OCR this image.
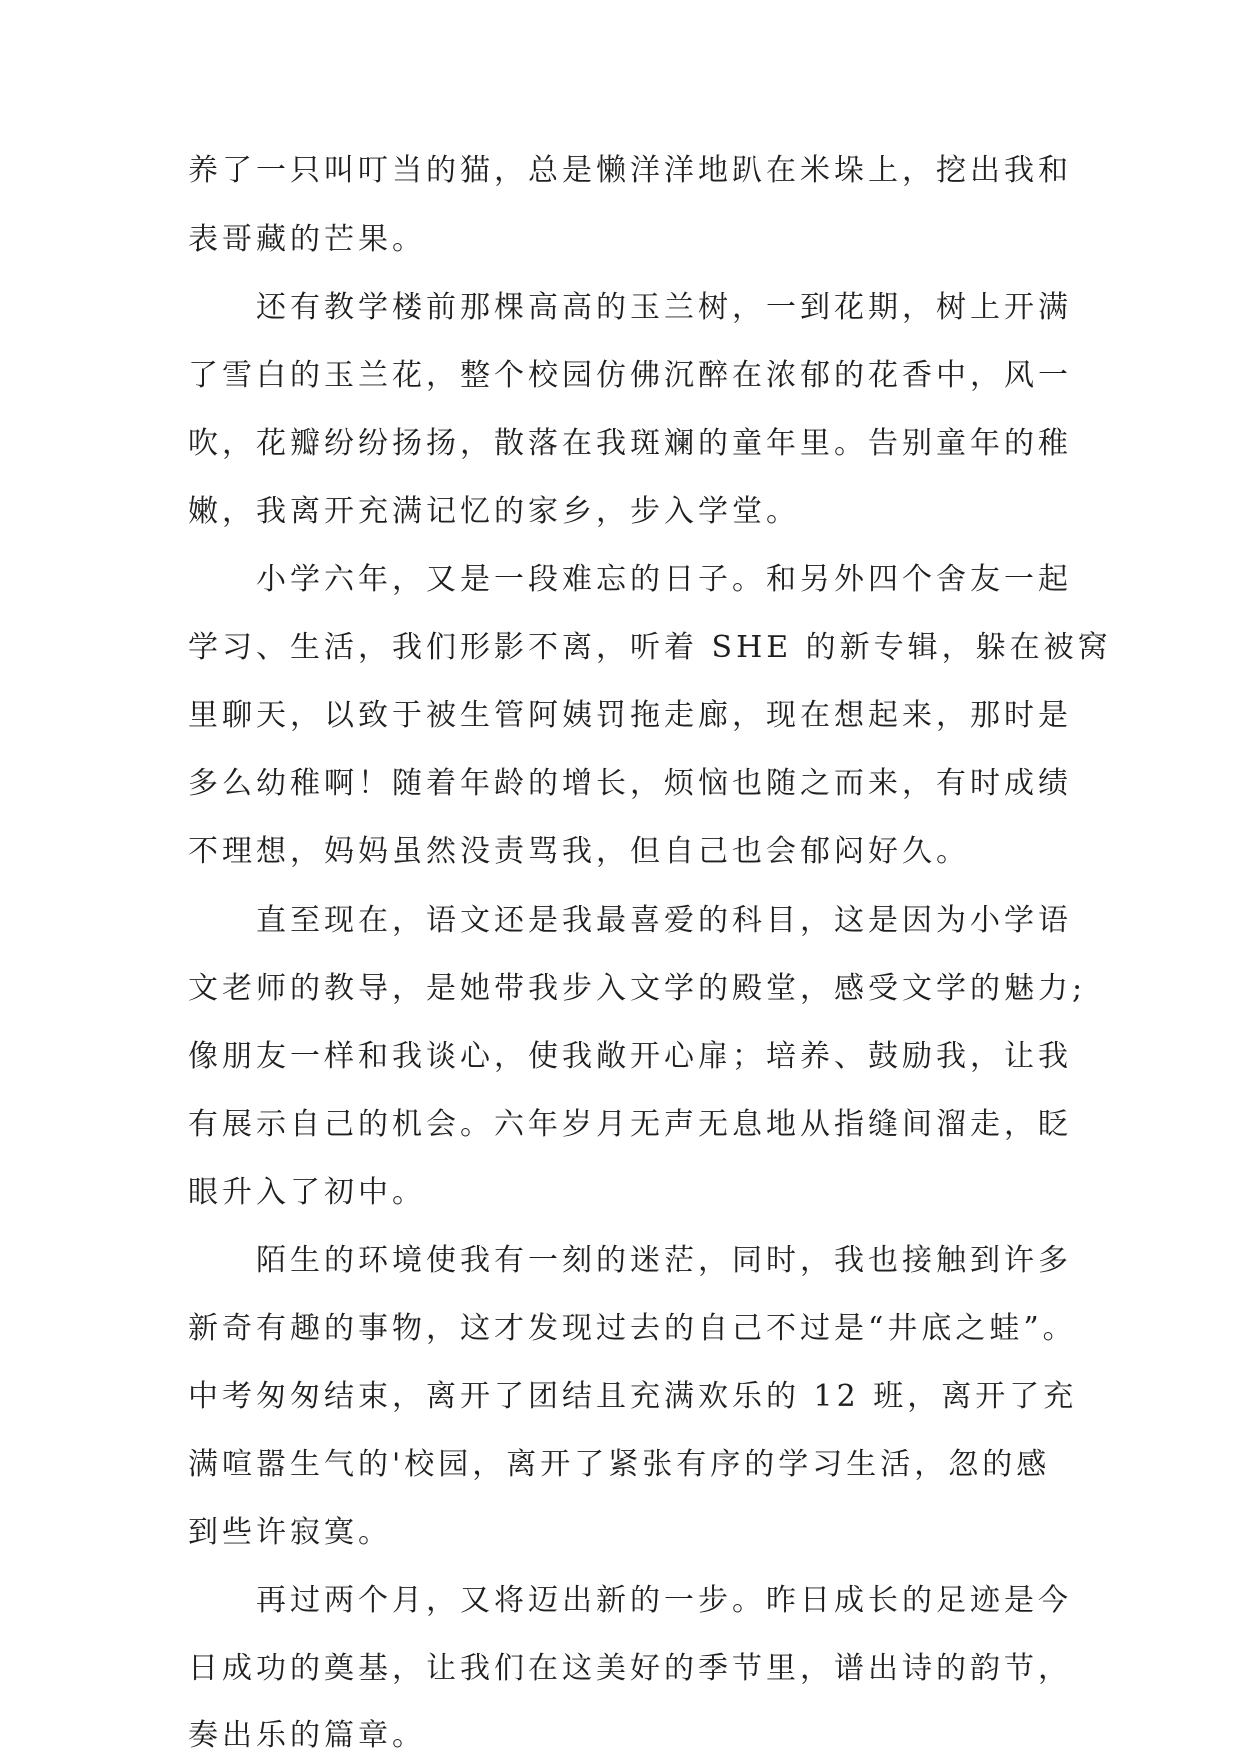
养了一只叫叮当的猫，总是懒洋洋地趴在米垛上，挖出我和
表哥藏的芒果。
还有教学楼前那棵高高的玉兰树，一到花期，树上开满
了雪白的玉兰花，整个校园仿佛沉醉在浓郁的花香中，风一
吹，花瓣纷纷扬扬，散落在我斑斓的童年里。告别童年的稚
嫩，我离开充满记忆的家乡，步入学堂。
小学六年，又是一段难忘的日子。和另外四个舍友一起
学习、生活，我们形影不离，听着 SHE 的新专辑，躲在被窝
里聊天，以致于被生管阿姨罚拖走廊，现在想起来，那时是
多么幼稚啊！随着年龄的增长，烦恼也随之而来，有时成绩
不理想，妈妈虽然没责骂我，但自己也会郁闷好久。
直至现在，语文还是我最喜爱的科目，这是因为小学语
文老师的教导，是她带我步入文学的殿堂，感受文学的魅力;
像朋友一样和我谈心，使我敞开心扉；培养、鼓励我，让我
有展示自己的机会。六年岁月无声无息地从指缝间溜走，眨
眼升入了初中。
陌生的环境使我有一刻的迷茫，同时，我也接触到许多
新奇有趣的事物，这才发现过去的自己不过是“井底之蛙”。
中考匆匆结束，离开了团结且充满欢乐的 12 班，离开了充
满喧嚣生气的'校园，离开了紧张有序的学习生活，忽的感
到些许寂寞。
再过两个月，又将迈出新的一步。昨日成长的足迹是今
日成功的奠基，让我们在这美好的季节里，谱出诗的韵节，
奏出乐的篇章。
